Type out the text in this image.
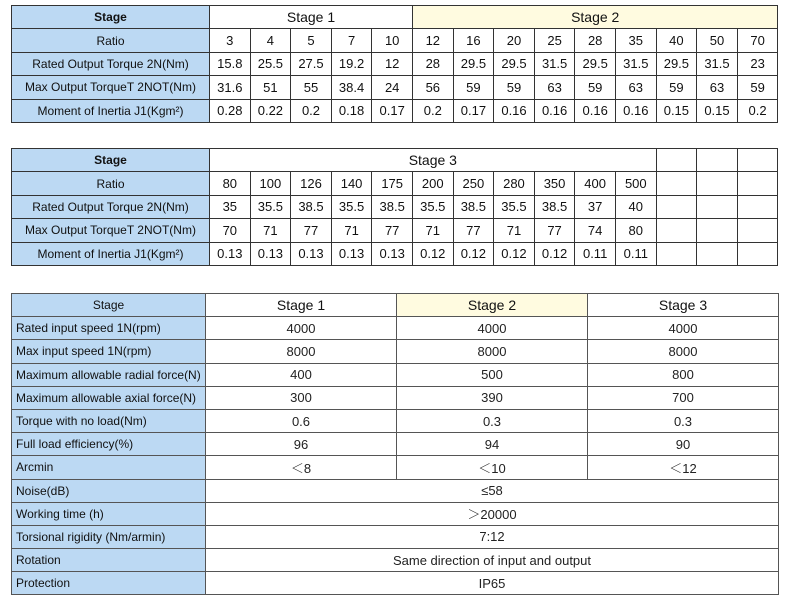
Stage	Stage 1					Stage 2								
Ratio	3	4	5	7	10	12	16	20	25	28	35	40	50	70
Rated Output Torque 2N(Nm)	15.8	25.5	27.5	19.2	12	28	29.5	29.5	31.5	29.5	31.5	29.5	31.5	23
Max Output TorqueT 2NOT(Nm)	31.6	51	55	38.4	24	56	59	59	63	59	63	59	63	59
Moment of Inertia J1(Kgm²)	0.28	0.22	0.2	0.18	0.17	0.2	0.17	0.16	0.16	0.16	0.16	0.15	0.15	0.2
Stage	Stage 3													
Ratio	80	100	126	140	175	200	250	280	350	400	500			
Rated Output Torque 2N(Nm)	35	35.5	38.5	35.5	38.5	35.5	38.5	35.5	38.5	37	40			
Max Output TorqueT 2NOT(Nm)	70	71	77	71	77	71	77	71	77	74	80			
Moment of Inertia J1(Kgm²)	0.13	0.13	0.13	0.13	0.13	0.12	0.12	0.12	0.12	0.11	0.11			
Stage	Stage 1	Stage 2	Stage 3
Rated input speed 1N(rpm)	4000	4000	4000
Max input speed 1N(rpm)	8000	8000	8000
Maximum allowable radial force(N)	400	500	800
Maximum allowable axial force(N)	300	390	700
Torque with no load(Nm)	0.6	0.3	0.3
Full load efficiency(%)	96	94	90
Arcmin	＜8	＜10	＜12
Noise(dB)	≤58		
Working time (h)	＞20000		
Torsional rigidity (Nm/armin)	7:12		
Rotation	Same direction of input and output		
Protection	IP65		
